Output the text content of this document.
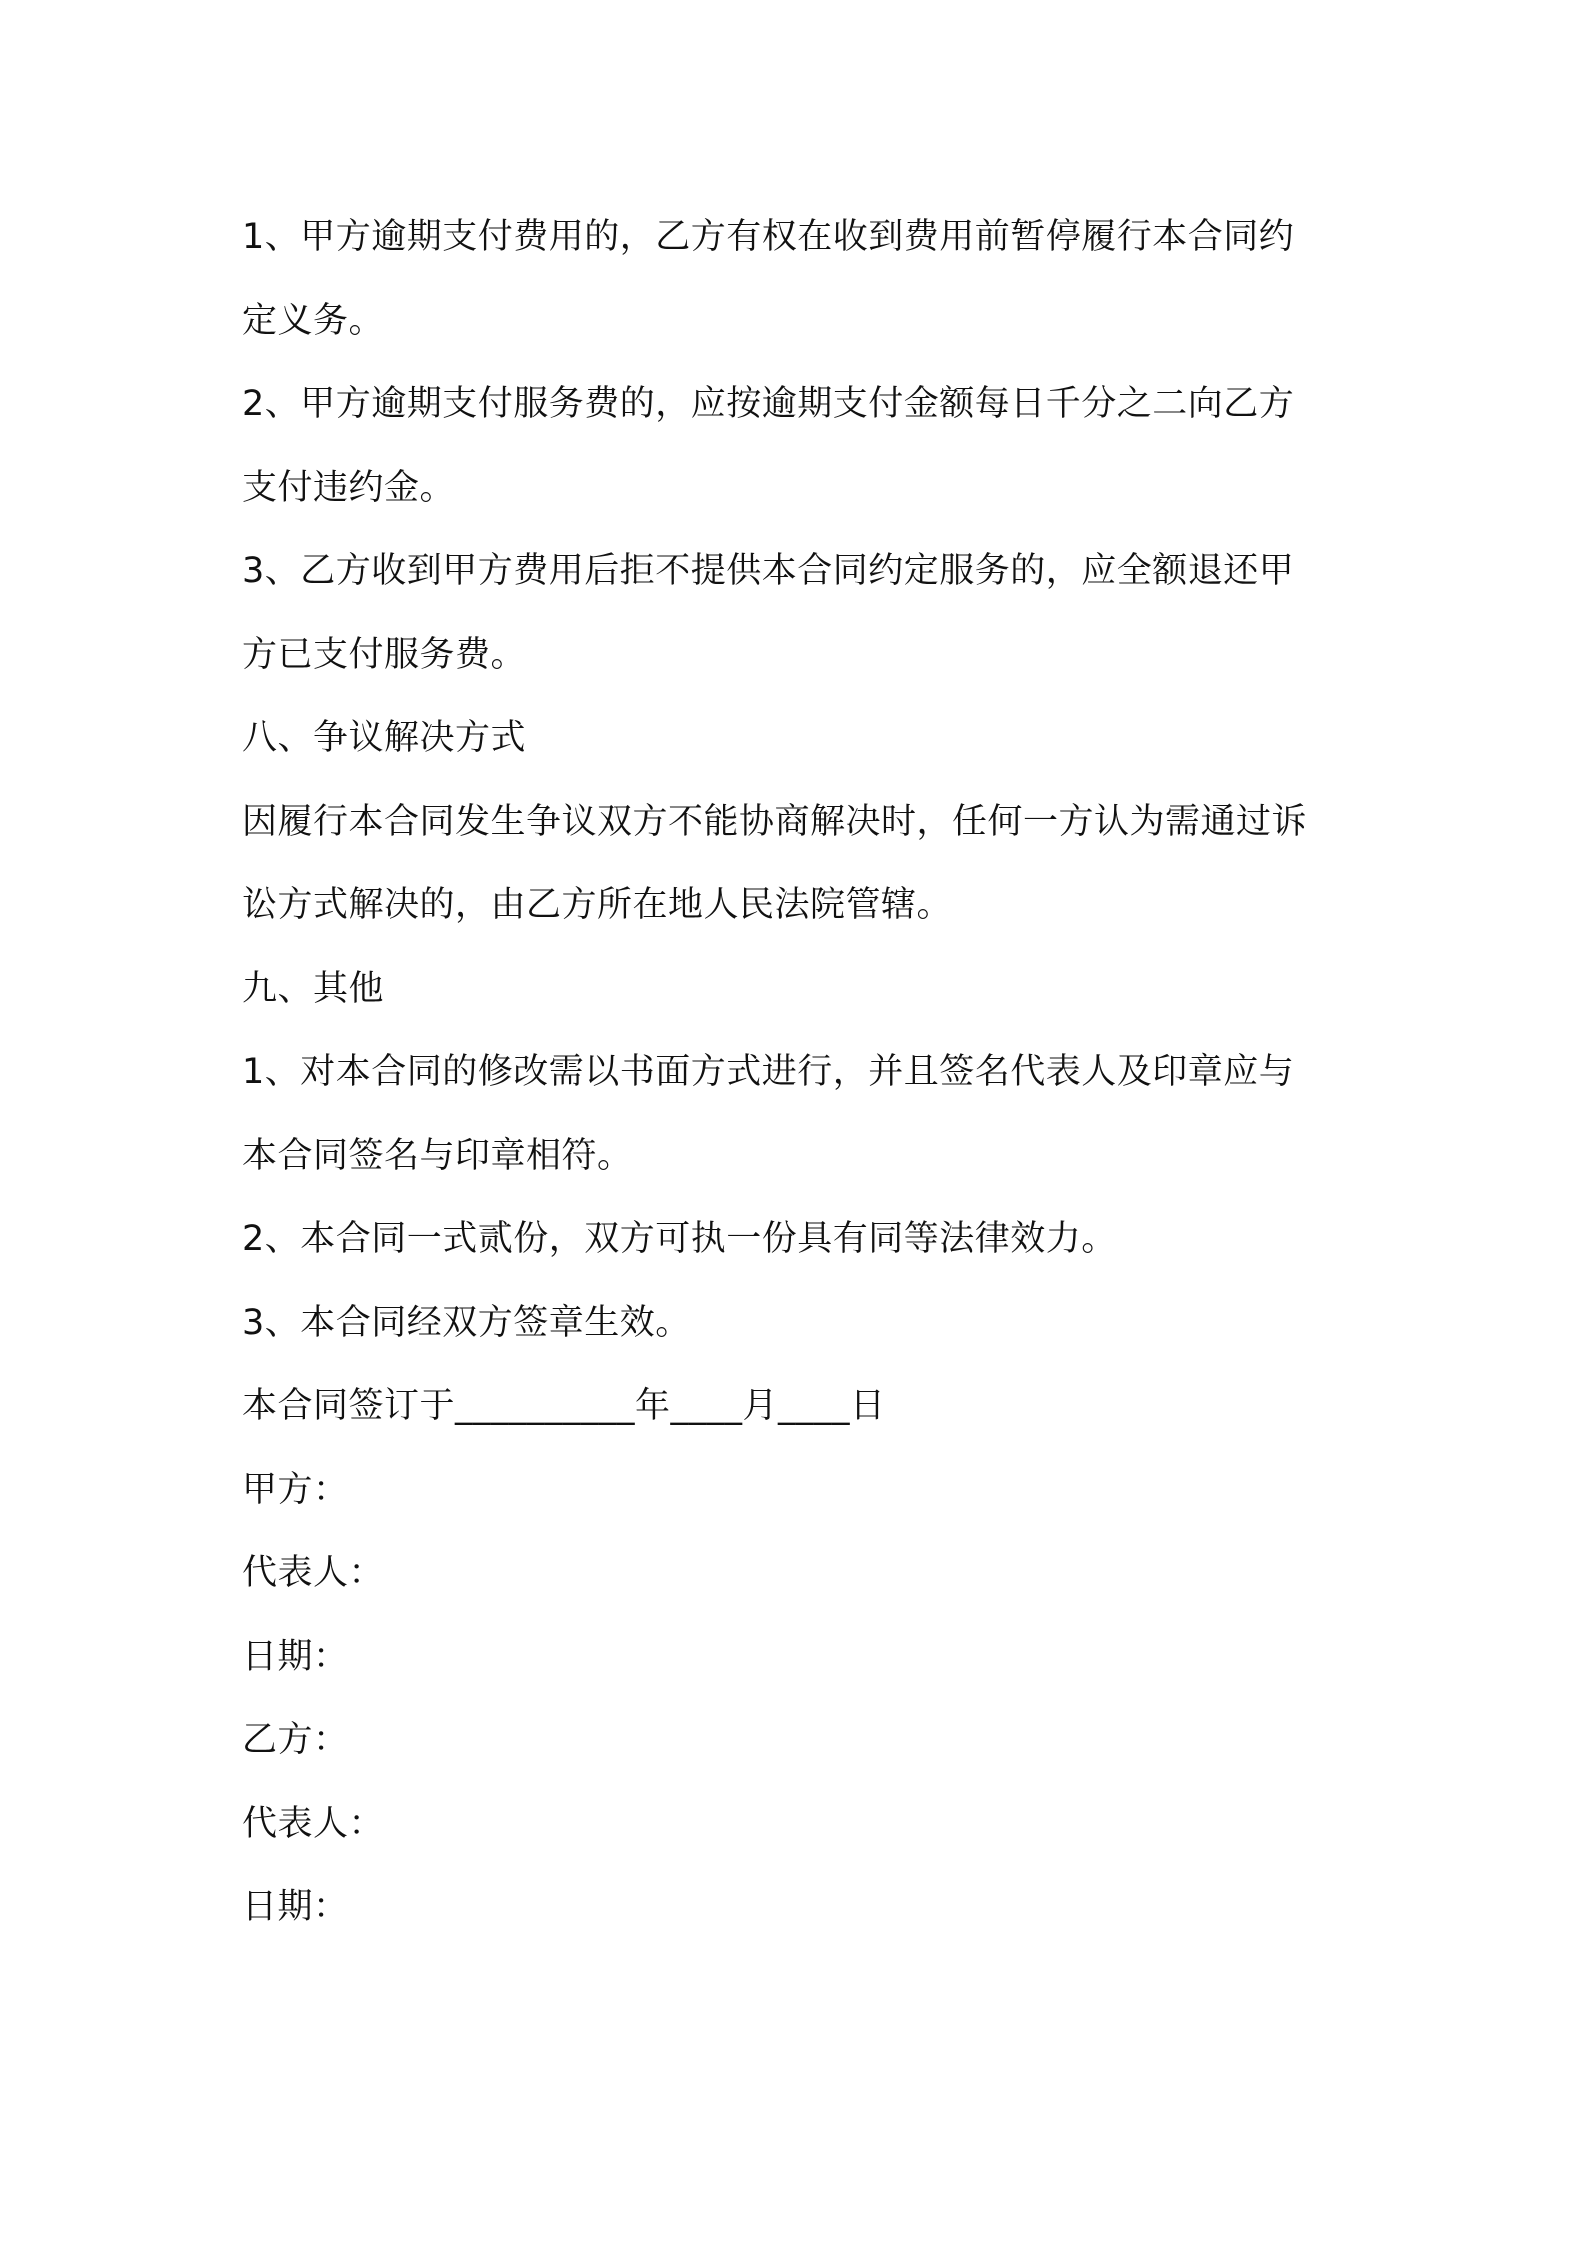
1、甲方逾期支付费用的，乙方有权在收到费用前暂停履行本合同约
定义务。
2、甲方逾期支付服务费的，应按逾期支付金额每日千分之二向乙方
支付违约金。
3、乙方收到甲方费用后拒不提供本合同约定服务的，应全额退还甲
方已支付服务费。
八、争议解决方式
因履行本合同发生争议双方不能协商解决时，任何一方认为需通过诉
讼方式解决的，由乙方所在地人民法院管辖。
九、其他
1、对本合同的修改需以书面方式进行，并且签名代表人及印章应与
本合同签名与印章相符。
2、本合同一式贰份，双方可执一份具有同等法律效力。
3、本合同经双方签章生效。
本合同签订于__________年____月____日
甲方：
代表人：
日期：
乙方：
代表人：
日期：
